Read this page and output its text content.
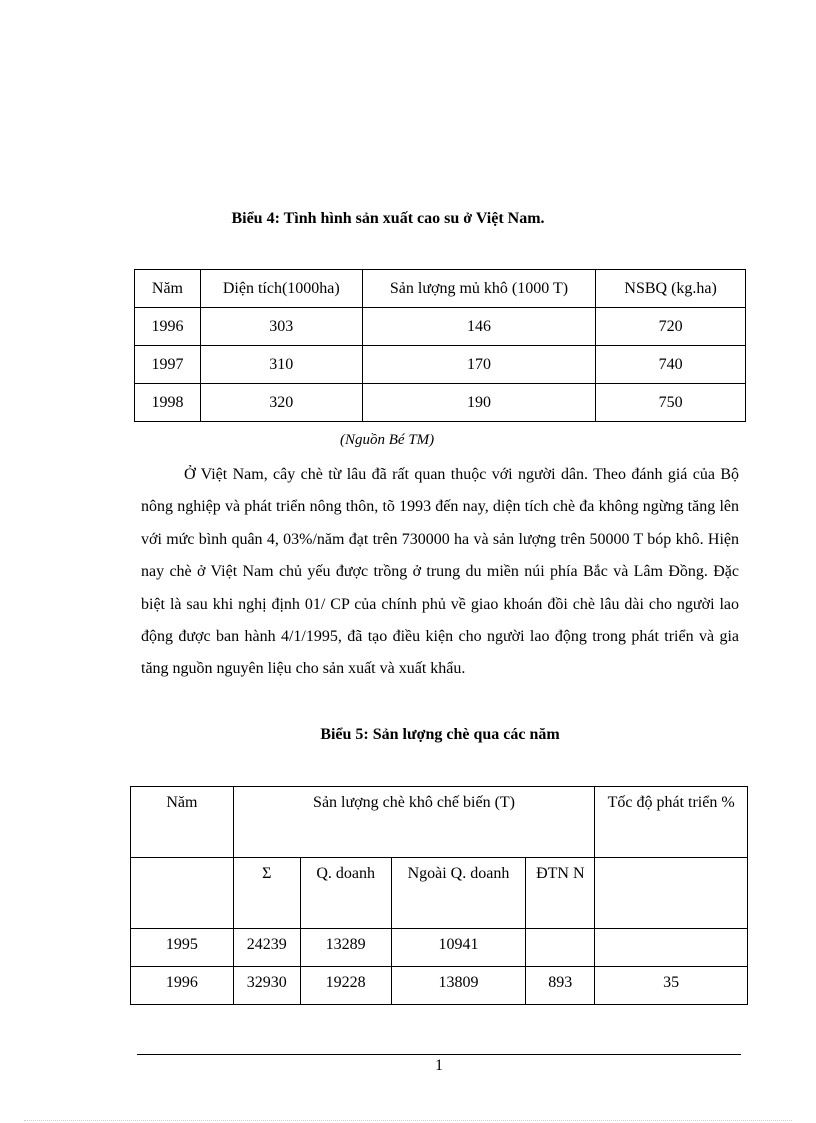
Biểu 4: Tình hình sản xuất cao su ở Việt Nam.
Năm	Diện tích(1000ha)	Sản lượng mủ khô (1000 T)	NSBQ (kg.ha)
1996	303	146	720
1997	310	170	740
1998	320	190	750
(Nguồn Bé TM)
Ở Việt Nam, cây chè từ lâu đã rất quan thuộc với người dân. Theo đánh giá của Bộ nông nghiệp và phát triển nông thôn, tõ 1993 đến nay, diện tích chè đa không ngừng tăng lên với mức bình quân 4, 03%/năm đạt trên 730000 ha và sản lượng trên 50000 T bóp khô. Hiện nay chè ở Việt Nam chủ yếu được trồng ở trung du miền núi phía Bắc và Lâm Đồng. Đặc biệt là sau khi nghị định 01/ CP của chính phủ về giao khoán đồi chè lâu dài cho người lao động được ban hành 4/1/1995, đã tạo điều kiện cho người lao động trong phát triển và gia tăng nguồn nguyên liệu cho sản xuất và xuất khẩu.
Biểu 5: Sản lượng chè qua các năm
Năm	Sản lượng chè khô chế biến (T)				Tốc độ phát triển %
	Σ	Q. doanh	Ngoài Q. doanh	ĐTN N	
1995	24239	13289	10941		
1996	32930	19228	13809	893	35
1
